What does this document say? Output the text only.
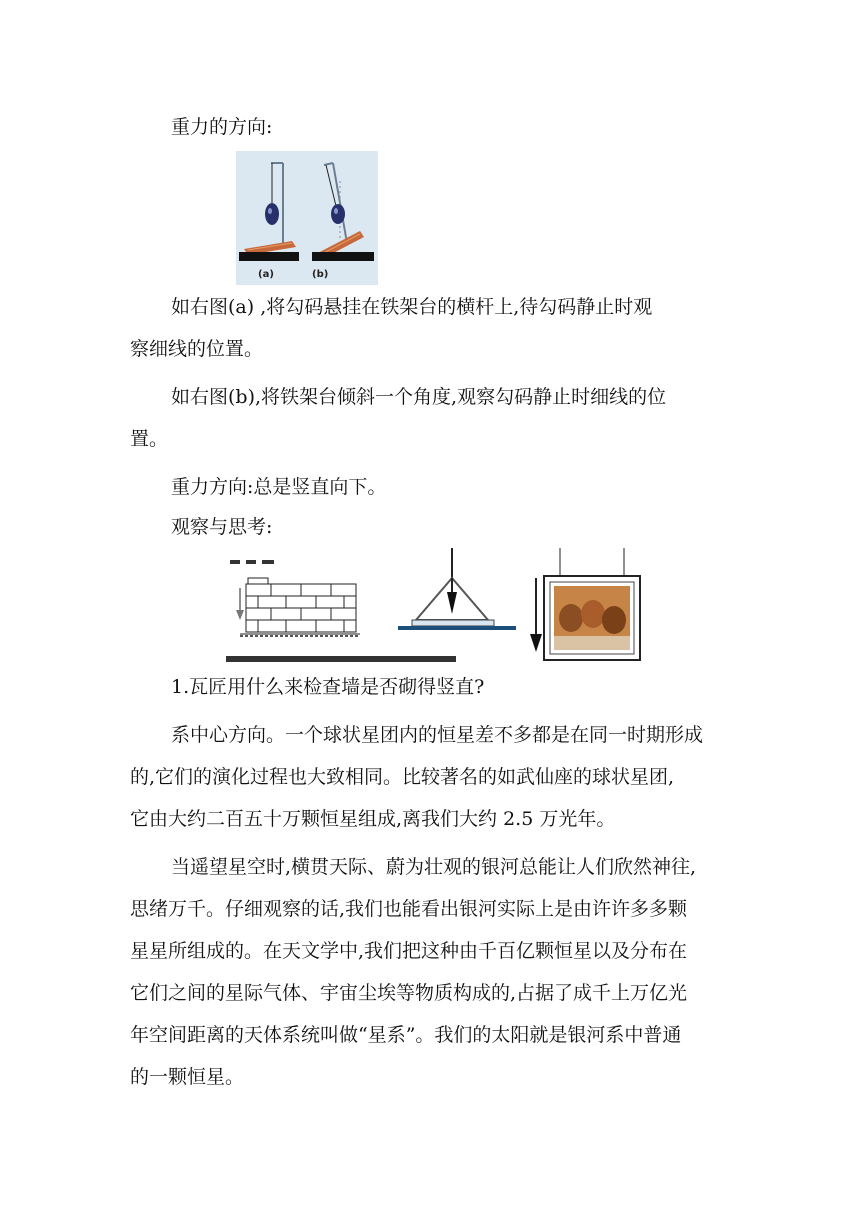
重力的方向:

(a)	(b)
如右图(a) ,将勾码悬挂在铁架台的横杆上,待勾码静止时观
察细线的位置。
如右图(b),将铁架台倾斜一个角度,观察勾码静止时细线的位
置。

重力方向:总是竖直向下。

观察与思考:

1.瓦匠用什么来检查墙是否砌得竖直?

系中心方向。一个球状星团内的恒星差不多都是在同一时期形成
的,它们的演化过程也大致相同。比较著名的如武仙座的球状星团,
它由大约二百五十万颗恒星组成,离我们大约 2.5 万光年。
当遥望星空时,横贯天际、蔚为壮观的银河总能让人们欣然神往,
思绪万千。仔细观察的话,我们也能看出银河实际上是由许许多多颗
星星所组成的。在天文学中,我们把这种由千百亿颗恒星以及分布在
它们之间的星际气体、宇宙尘埃等物质构成的,占据了成千上万亿光
年空间距离的天体系统叫做“星系”。我们的太阳就是银河系中普通
的一颗恒星。
